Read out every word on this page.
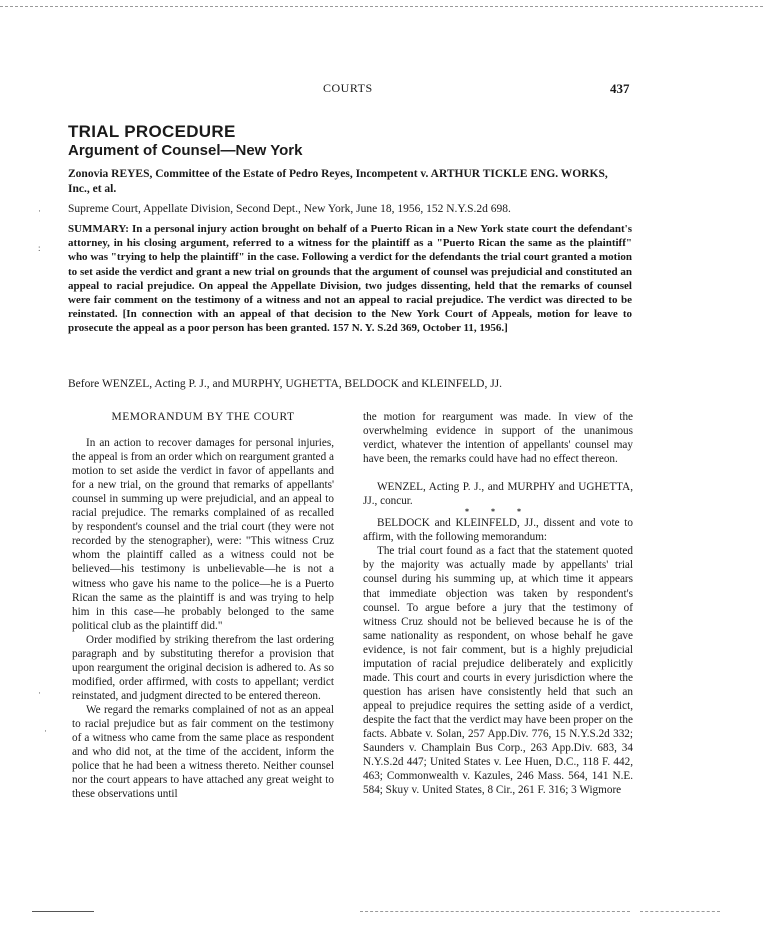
COURTS	437
TRIAL PROCEDURE
Argument of Counsel—New York
Zonovia REYES, Committee of the Estate of Pedro Reyes, Incompetent v. ARTHUR TICKLE ENG. WORKS, Inc., et al.
Supreme Court, Appellate Division, Second Dept., New York, June 18, 1956, 152 N.Y.S.2d 698.
SUMMARY: In a personal injury action brought on behalf of a Puerto Rican in a New York state court the defendant's attorney, in his closing argument, referred to a witness for the plaintiff as a "Puerto Rican the same as the plaintiff" who was "trying to help the plaintiff" in the case. Following a verdict for the defendants the trial court granted a motion to set aside the verdict and grant a new trial on grounds that the argument of counsel was prejudicial and constituted an appeal to racial prejudice. On appeal the Appellate Division, two judges dissenting, held that the remarks of counsel were fair comment on the testimony of a witness and not an appeal to racial prejudice. The verdict was directed to be reinstated. [In connection with an appeal of that decision to the New York Court of Appeals, motion for leave to prosecute the appeal as a poor person has been granted. 157 N. Y. S.2d 369, October 11, 1956.]
Before WENZEL, Acting P. J., and MURPHY, UGHETTA, BELDOCK and KLEINFELD, JJ.

MEMORANDUM BY THE COURT

In an action to recover damages for personal injuries, the appeal is from an order which on reargument granted a motion to set aside the verdict in favor of appellants and for a new trial, on the ground that remarks of appellants' counsel in summing up were prejudicial, and an appeal to racial prejudice. The remarks complained of as recalled by respondent's counsel and the trial court (they were not recorded by the stenographer), were: "This witness Cruz whom the plaintiff called as a witness could not be believed—his testimony is unbelievable—he is not a witness who gave his name to the police—he is a Puerto Rican the same as the plaintiff is and was trying to help him in this case—he probably belonged to the same political club as the plaintiff did."

Order modified by striking therefrom the last ordering paragraph and by substituting therefor a provision that upon reargument the original decision is adhered to. As so modified, order affirmed, with costs to appellant; verdict reinstated, and judgment directed to be entered thereon.

We regard the remarks complained of not as an appeal to racial prejudice but as fair comment on the testimony of a witness who came from the same place as respondent and who did not, at the time of the accident, inform the police that he had been a witness thereto. Neither counsel nor the court appears to have attached any great weight to these observations until

the motion for reargument was made. In view of the overwhelming evidence in support of the unanimous verdict, whatever the intention of appellants' counsel may have been, the remarks could have had no effect thereon.

WENZEL, Acting P. J., and MURPHY and UGHETTA, JJ., concur.

* * *

BELDOCK and KLEINFELD, JJ., dissent and vote to affirm, with the following memorandum:

The trial court found as a fact that the statement quoted by the majority was actually made by appellants' trial counsel during his summing up, at which time it appears that immediate objection was taken by respondent's counsel. To argue before a jury that the testimony of witness Cruz should not be believed because he is of the same nationality as respondent, on whose behalf he gave evidence, is not fair comment, but is a highly prejudicial imputation of racial prejudice deliberately and explicitly made. This court and courts in every jurisdiction where the question has arisen have consistently held that such an appeal to prejudice requires the setting aside of a verdict, despite the fact that the verdict may have been proper on the facts. Abbate v. Solan, 257 App.Div. 776, 15 N.Y.S.2d 332; Saunders v. Champlain Bus Corp., 263 App.Div. 683, 34 N.Y.S.2d 447; United States v. Lee Huen, D.C., 118 F. 442, 463; Commonwealth v. Kazules, 246 Mass. 564, 141 N.E. 584; Skuy v. United States, 8 Cir., 261 F. 316; 3 Wigmore

·
:
·
·
